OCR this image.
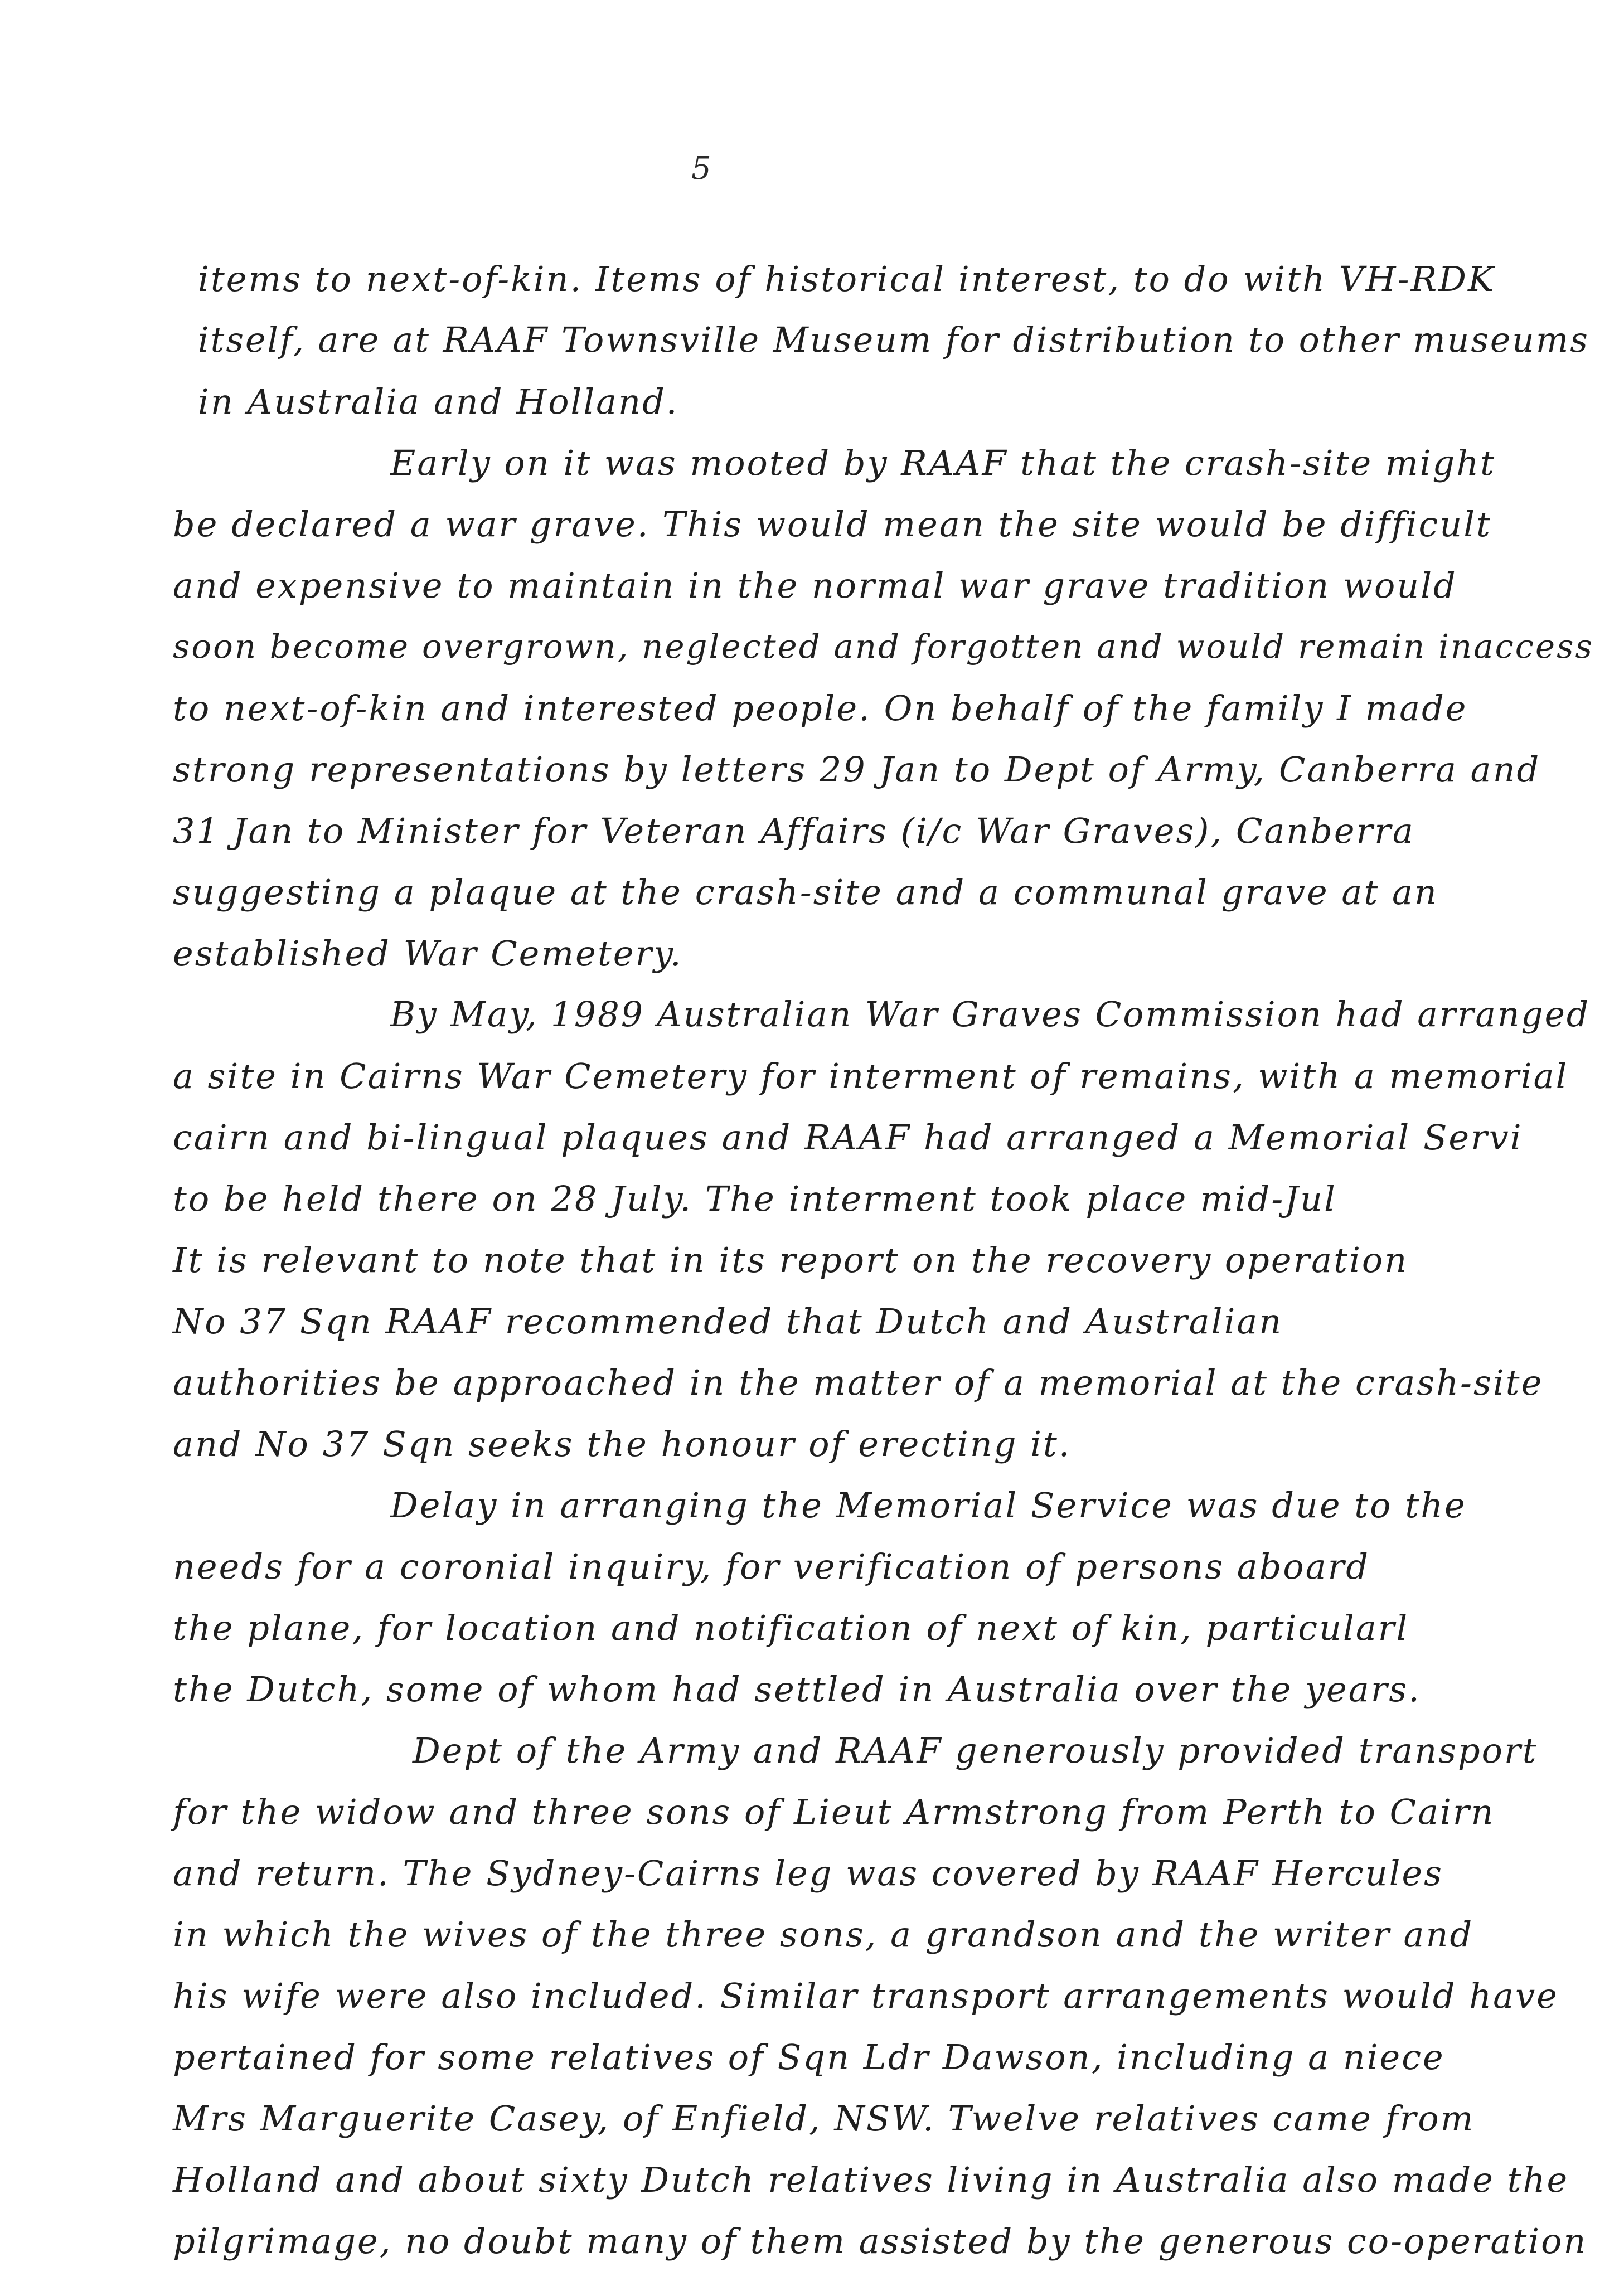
5
items to next-of-kin. Items of historical interest, to do with VH-RDK
itself, are at RAAF Townsville Museum for distribution to other museums
in Australia and Holland.
Early on it was mooted by RAAF that the crash-site might
be declared a war grave. This would mean the site would be difficult
and expensive to maintain in the normal war grave tradition would
soon become overgrown, neglected and forgotten and would remain inaccess
to next-of-kin and interested people. On behalf of the family I made
strong representations by letters 29 Jan to Dept of Army, Canberra and
31 Jan to Minister for Veteran Affairs (i/c War Graves), Canberra
suggesting a plaque at the crash-site and a communal grave at an
established War Cemetery.
By May, 1989 Australian War Graves Commission had arranged
a site in Cairns War Cemetery for interment of remains, with a memorial
cairn and bi-lingual plaques and RAAF had arranged a Memorial Servi
to be held there on 28 July. The interment took place mid-Jul
It is relevant to note that in its report on the recovery operation
No 37 Sqn RAAF recommended that Dutch and Australian
authorities be approached in the matter of a memorial at the crash-site
and No 37 Sqn seeks the honour of erecting it.
Delay in arranging the Memorial Service was due to the
needs for a coronial inquiry, for verification of persons aboard
the plane, for location and notification of next of kin, particularl
the Dutch, some of whom had settled in Australia over the years.
Dept of the Army and RAAF generously provided transport
for the widow and three sons of Lieut Armstrong from Perth to Cairn
and return. The Sydney-Cairns leg was covered by RAAF Hercules
in which the wives of the three sons, a grandson and the writer and
his wife were also included. Similar transport arrangements would have
pertained for some relatives of Sqn Ldr Dawson, including a niece
Mrs Marguerite Casey, of Enfield, NSW. Twelve relatives came from
Holland and about sixty Dutch relatives living in Australia also made the
pilgrimage, no doubt many of them assisted by the generous co-operation
